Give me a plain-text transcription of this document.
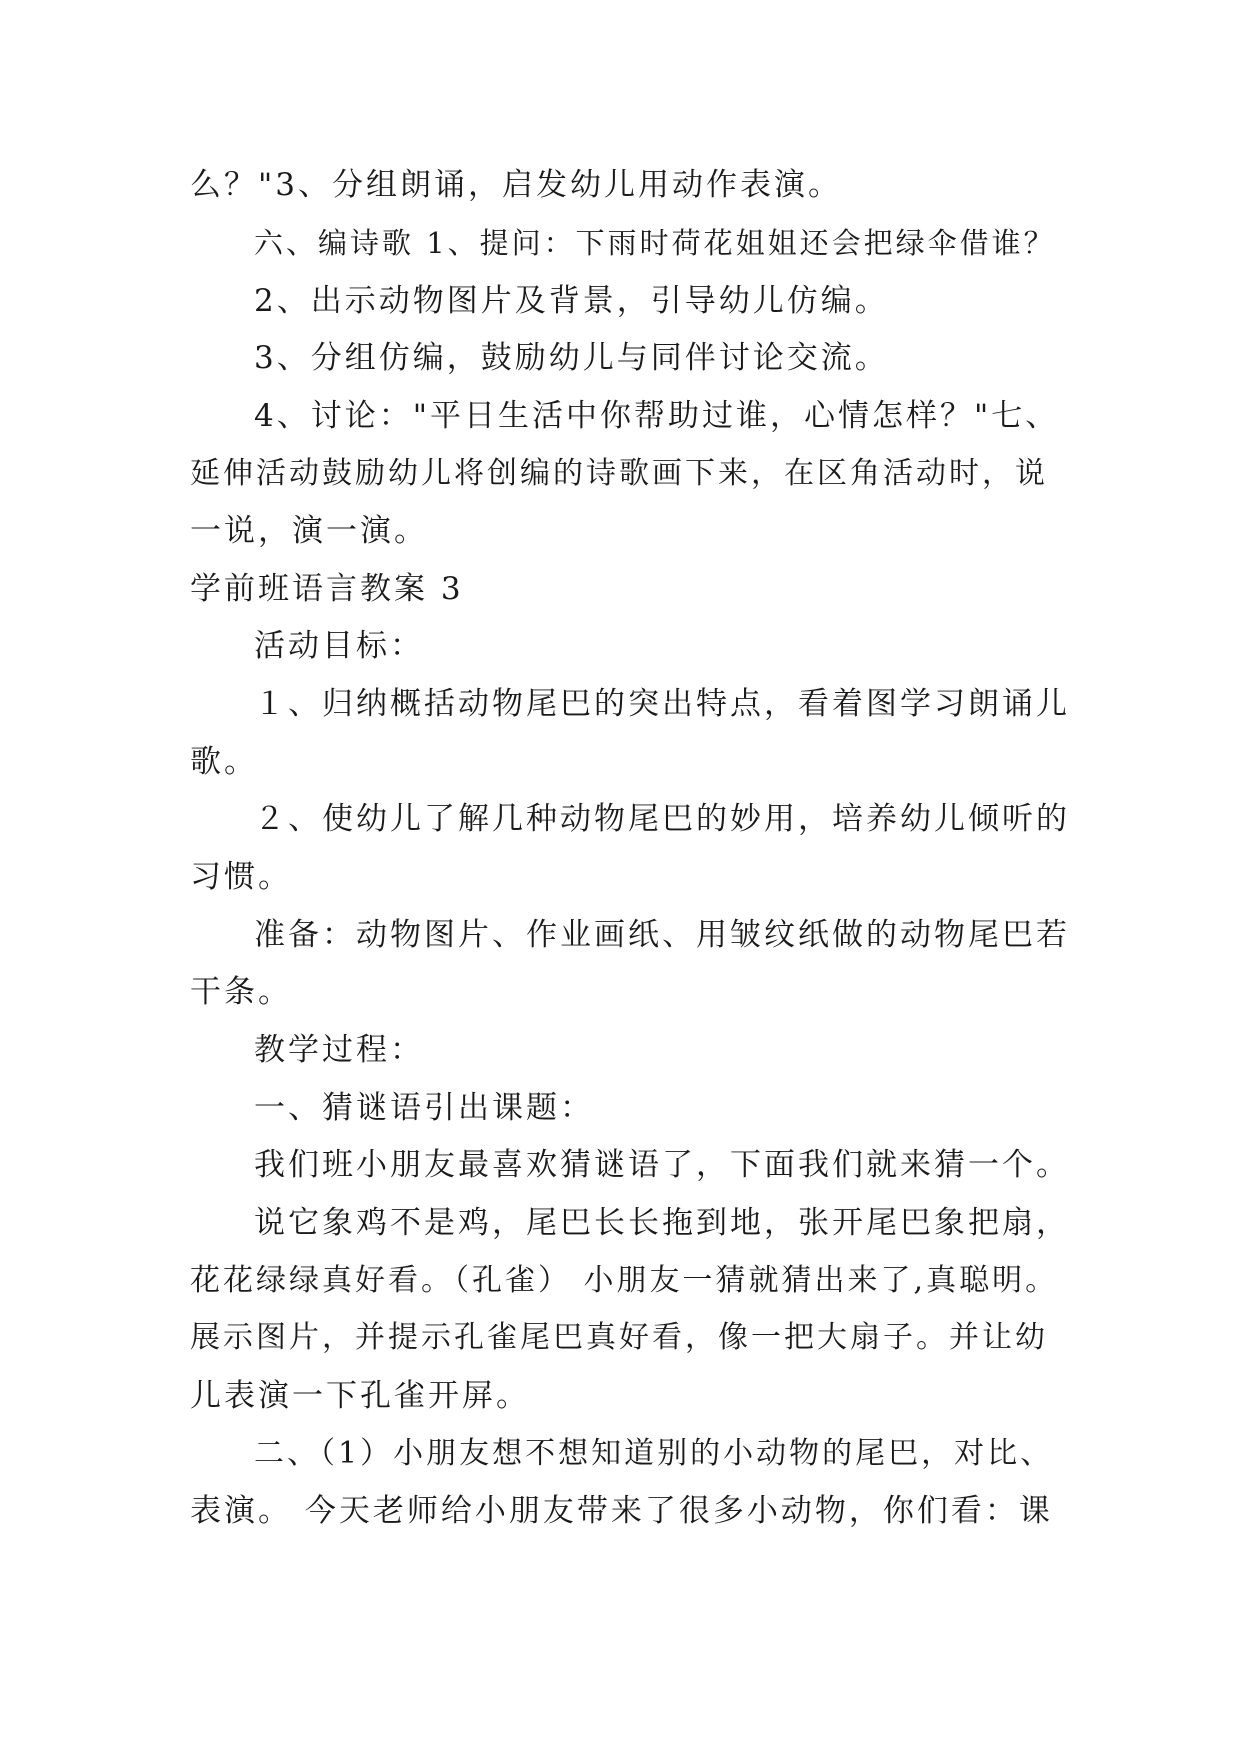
么？"3、分组朗诵，启发幼儿用动作表演。
六、编诗歌 1、提问：下雨时荷花姐姐还会把绿伞借谁？
2、出示动物图片及背景，引导幼儿仿编。
3、分组仿编，鼓励幼儿与同伴讨论交流。
4、讨论："平日生活中你帮助过谁，心情怎样？"七、
延伸活动鼓励幼儿将创编的诗歌画下来，在区角活动时，说
一说，演一演。
学前班语言教案 3
活动目标：
１、归纳概括动物尾巴的突出特点，看着图学习朗诵儿
歌。
２、使幼儿了解几种动物尾巴的妙用，培养幼儿倾听的
习惯。
准备：动物图片、作业画纸、用皱纹纸做的动物尾巴若
干条。
教学过程：
一、猜谜语引出课题：
我们班小朋友最喜欢猜谜语了，下面我们就来猜一个。
说它象鸡不是鸡，尾巴长长拖到地，张开尾巴象把扇，
花花绿绿真好看。（孔雀） 小朋友一猜就猜出来了,真聪明。
展示图片，并提示孔雀尾巴真好看，像一把大扇子。并让幼
儿表演一下孔雀开屏。
二、（1）小朋友想不想知道别的小动物的尾巴，对比、
表演。 今天老师给小朋友带来了很多小动物，你们看：课
